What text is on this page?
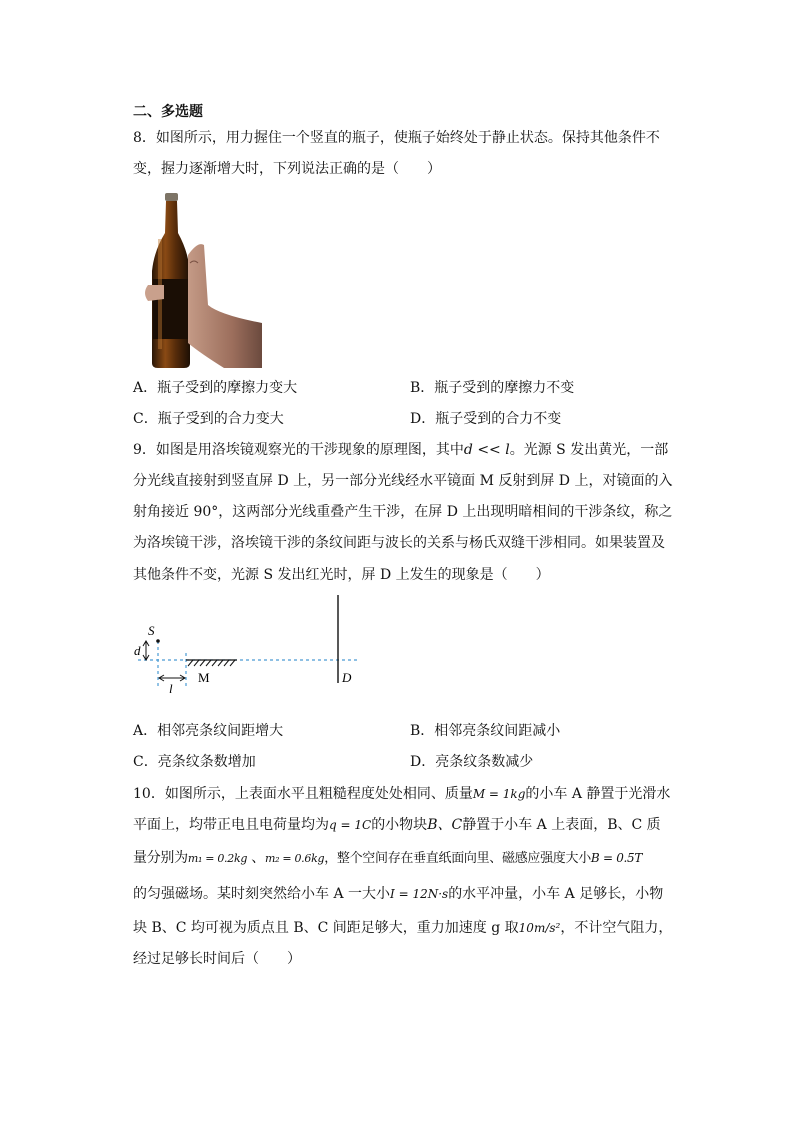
二、多选题
8．如图所示，用力握住一个竖直的瓶子，使瓶子始终处于静止状态。保持其他条件不
变，握力逐渐增大时，下列说法正确的是（　　）
A．瓶子受到的摩擦力变大	B．瓶子受到的摩擦力不变
C．瓶子受到的合力变大	D．瓶子受到的合力不变
9．如图是用洛埃镜观察光的干涉现象的原理图，其中d << l。光源 S 发出黄光，一部
分光线直接射到竖直屏 D 上，另一部分光线经水平镜面 M 反射到屏 D 上，对镜面的入
射角接近 90°，这两部分光线重叠产生干涉，在屏 D 上出现明暗相间的干涉条纹，称之
为洛埃镜干涉，洛埃镜干涉的条纹间距与波长的关系与杨氏双缝干涉相同。如果装置及
其他条件不变，光源 S 发出红光时，屏 D 上发生的现象是（　　）
S
d
M
l
D
A．相邻亮条纹间距增大	B．相邻亮条纹间距减小
C．亮条纹条数增加	D．亮条纹条数减少
10．如图所示，上表面水平且粗糙程度处处相同、质量M = 1kg的小车 A 静置于光滑水
平面上，均带正电且电荷量均为q = 1C的小物块B、C静置于小车 A 上表面，B、C 质
量分别为m₁ = 0.2kg 、m₂ = 0.6kg，整个空间存在垂直纸面向里、磁感应强度大小B = 0.5T
的匀强磁场。某时刻突然给小车 A 一大小I = 12N·s的水平冲量，小车 A 足够长，小物
块 B、C 均可视为质点且 B、C 间距足够大，重力加速度 g 取10m/s²，不计空气阻力，
经过足够长时间后（　　）
